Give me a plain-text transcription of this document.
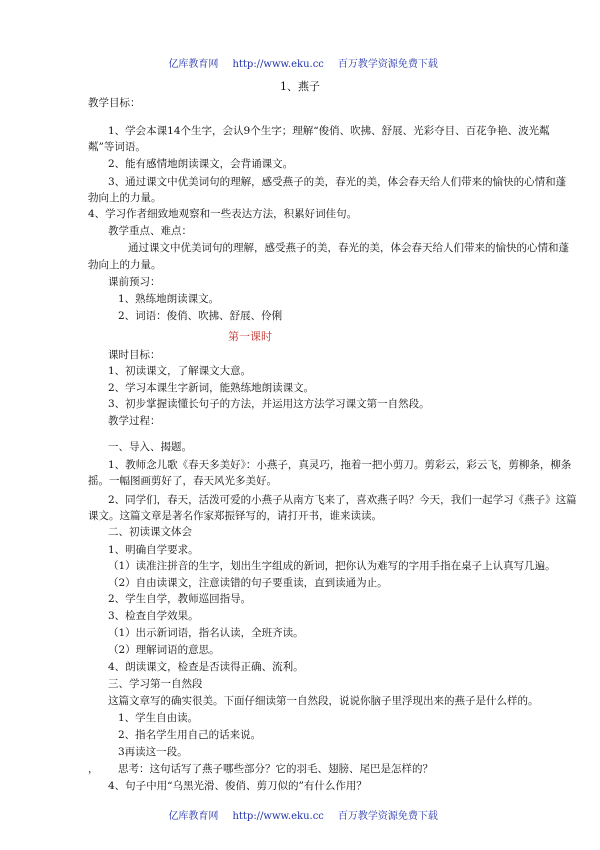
亿库教育网 http://www.eku.cc 百万教学资源免费下载

1、燕子
教学目标：
1、学会本课14个生字，会认9个生字；理解“俊俏、吹拂、舒展、光彩夺目、百花争艳、波光粼
粼”等词语。
2、能有感情地朗读课文，会背诵课文。
3、通过课文中优美词句的理解，感受燕子的美，春光的美，体会春天给人们带来的愉快的心情和蓬
勃向上的力量。
4、学习作者细致地观察和一些表达方法，积累好词佳句。
教学重点、难点：
通过课文中优美词句的理解，感受燕子的美，春光的美，体会春天给人们带来的愉快的心情和蓬
勃向上的力量。
课前预习：
1、熟练地朗读课文。
2、词语：俊俏、吹拂、舒展、伶俐
第一课时
课时目标：
1、初读课文，了解课文大意。
2、学习本课生字新词，能熟练地朗读课文。
3、初步掌握读懂长句子的方法，并运用这方法学习课文第一自然段。
教学过程：
一、导入、揭题。
1、教师念儿歌《春天多美好》：小燕子，真灵巧，拖着一把小剪刀。剪彩云，彩云飞，剪柳条，柳条
摇。一幅图画剪好了，春天风光多美好。
2、同学们，春天，活泼可爱的小燕子从南方飞来了，喜欢燕子吗？今天，我们一起学习《燕子》这篇
课文。这篇文章是著名作家郑振铎写的，请打开书，谁来读读。
二、初读课文体会
1、明确自学要求。
（1）读准注拼音的生字，划出生字组成的新词，把你认为难写的字用手指在桌子上认真写几遍。
（2）自由读课文，注意读错的句子要重读，直到读通为止。
2、学生自学，教师巡回指导。
3、检查自学效果。
（1）出示新词语，指名认读，全班齐读。
（2）理解词语的意思。
4、朗读课文，检查是否读得正确、流利。
三、学习第一自然段
这篇文章写的确实很美。下面仔细读第一自然段，说说你脑子里浮现出来的燕子是什么样的。
1、学生自由读。
2、指名学生用自己的话来说。
3再读这一段。
， 思考：这句话写了燕子哪些部分？它的羽毛、翅膀、尾巴是怎样的？
4、句子中用“乌黑光滑、俊俏、剪刀似的”有什么作用？

亿库教育网 http://www.eku.cc 百万教学资源免费下载
